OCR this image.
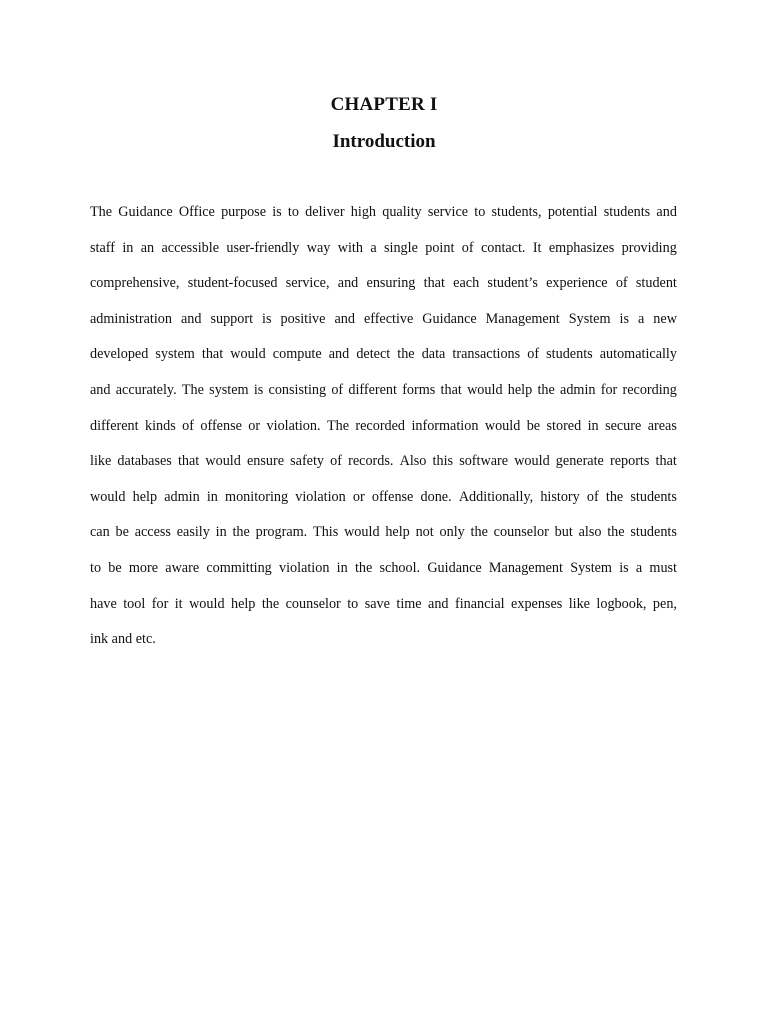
CHAPTER I
Introduction
The Guidance Office purpose is to deliver high quality service to students, potential students and
staff in an accessible user-friendly way with a single point of contact. It emphasizes providing
comprehensive, student-focused service, and ensuring that each student’s experience of student
administration and support is positive and effective Guidance Management System is a new
developed system that would compute and detect the data transactions of students automatically
and accurately. The system is consisting of different forms that would help the admin for recording
different kinds of offense or violation. The recorded information would be stored in secure areas
like databases that would ensure safety of records. Also this software would generate reports that
would help admin in monitoring violation or offense done. Additionally, history of the students
can be access easily in the program. This would help not only the counselor but also the students
to be more aware committing violation in the school. Guidance Management System is a must
have tool for it would help the counselor to save time and financial expenses like logbook, pen,
ink and etc.
